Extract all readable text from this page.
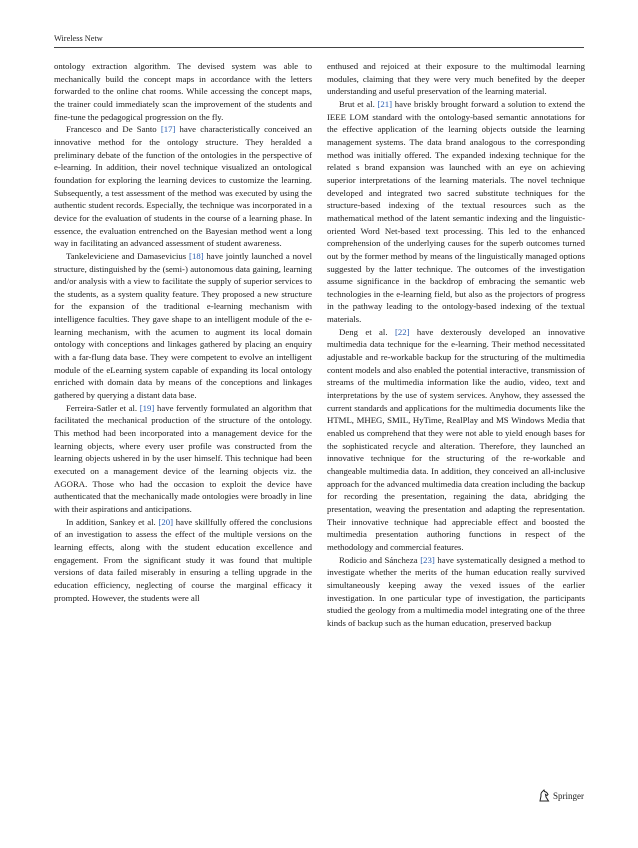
Wireless Netw

ontology extraction algorithm. The devised system was able to mechanically build the concept maps in accordance with the letters forwarded to the online chat rooms. While accessing the concept maps, the trainer could immediately scan the improvement of the students and fine-tune the pedagogical progression on the fly.

Francesco and De Santo [17] have characteristically conceived an innovative method for the ontology structure. They heralded a preliminary debate of the function of the ontologies in the perspective of e-learning. In addition, their novel technique visualized an ontological foundation for exploring the learning devices to customize the learning. Subsequently, a test assessment of the method was executed by using the authentic student records. Especially, the technique was incorporated in a device for the evaluation of students in the course of a learning phase. In essence, the evaluation entrenched on the Bayesian method went a long way in facilitating an advanced assessment of student awareness.

Tankeleviciene and Damasevicius [18] have jointly launched a novel structure, distinguished by the (semi-) autonomous data gaining, learning and/or analysis with a view to facilitate the supply of superior services to the students, as a system quality feature. They proposed a new structure for the expansion of the traditional e-learning mechanism with intelligence faculties. They gave shape to an intelligent module of the e-learning mechanism, with the acumen to augment its local domain ontology with conceptions and linkages gathered by placing an enquiry with a far-flung data base. They were competent to evolve an intelligent module of the eLearning system capable of expanding its local ontology enriched with domain data by means of the conceptions and linkages gathered by querying a distant data base.

Ferreira-Satler et al. [19] have fervently formulated an algorithm that facilitated the mechanical production of the structure of the ontology. This method had been incorporated into a management device for the learning objects, where every user profile was constructed from the learning objects ushered in by the user himself. This technique had been executed on a management device of the learning objects viz. the AGORA. Those who had the occasion to exploit the device have authenticated that the mechanically made ontologies were broadly in line with their aspirations and anticipations.

In addition, Sankey et al. [20] have skillfully offered the conclusions of an investigation to assess the effect of the multiple versions on the learning effects, along with the student education excellence and engagement. From the significant study it was found that multiple versions of data failed miserably in ensuring a telling upgrade in the education efficiency, neglecting of course the marginal efficacy it prompted. However, the students were all

enthused and rejoiced at their exposure to the multimodal learning modules, claiming that they were very much benefited by the deeper understanding and useful preservation of the learning material.

Brut et al. [21] have briskly brought forward a solution to extend the IEEE LOM standard with the ontology-based semantic annotations for the effective application of the learning objects outside the learning management systems. The data brand analogous to the corresponding method was initially offered. The expanded indexing technique for the related s brand expansion was launched with an eye on achieving superior interpretations of the learning materials. The novel technique developed and integrated two sacred substitute techniques for the structure-based indexing of the textual resources such as the mathematical method of the latent semantic indexing and the linguistic-oriented Word Net-based text processing. This led to the enhanced comprehension of the underlying causes for the superb outcomes turned out by the former method by means of the linguistically managed options suggested by the latter technique. The outcomes of the investigation assume significance in the backdrop of embracing the semantic web technologies in the e-learning field, but also as the projectors of progress in the pathway leading to the ontology-based indexing of the textual materials.

Deng et al. [22] have dexterously developed an innovative multimedia data technique for the e-learning. Their method necessitated adjustable and re-workable backup for the structuring of the multimedia content models and also enabled the potential interactive, transmission of streams of the multimedia information like the audio, video, text and interpretations by the use of system services. Anyhow, they assessed the current standards and applications for the multimedia documents like the HTML, MHEG, SMIL, HyTime, RealPlay and MS Windows Media that enabled us comprehend that they were not able to yield enough bases for the sophisticated recycle and alteration. Therefore, they launched an innovative technique for the structuring of the re-workable and changeable multimedia data. In addition, they conceived an all-inclusive approach for the advanced multimedia data creation including the backup for recording the presentation, regaining the data, abridging the presentation, weaving the presentation and adapting the representation. Their innovative technique had appreciable effect and boosted the multimedia presentation authoring functions in respect of the methodology and commercial features.

Rodicio and Sáncheza [23] have systematically designed a method to investigate whether the merits of the human education really survived simultaneously keeping away the vexed issues of the earlier investigation. In one particular type of investigation, the participants studied the geology from a multimedia model integrating one of the three kinds of backup such as the human education, preserved backup

Springer
